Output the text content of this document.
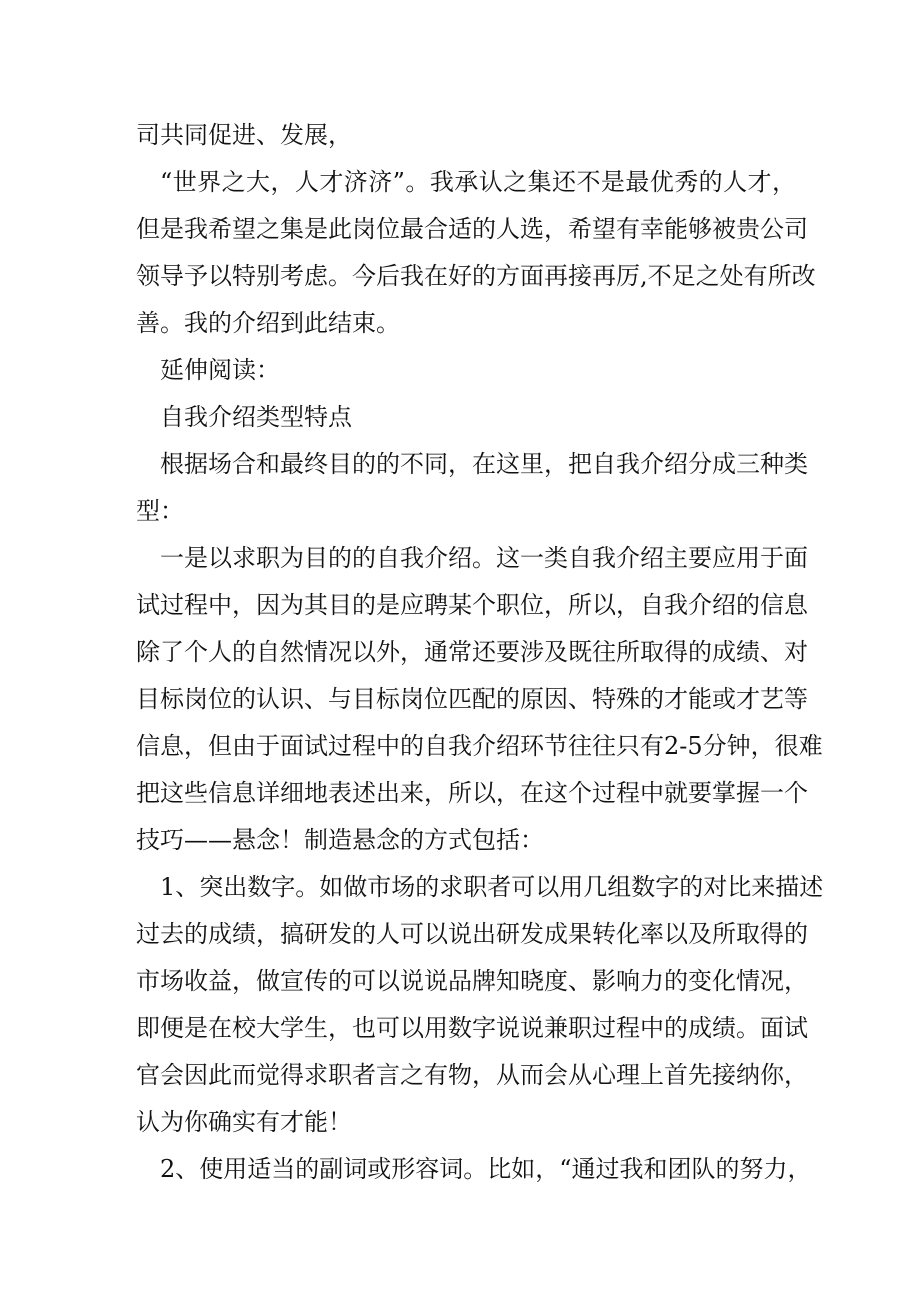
司共同促进、发展，
“世界之大，人才济济”。我承认之集还不是最优秀的人才，
但是我希望之集是此岗位最合适的人选，希望有幸能够被贵公司
领导予以特别考虑。今后我在好的方面再接再厉,不足之处有所改
善。我的介绍到此结束。
延伸阅读：
自我介绍类型特点
根据场合和最终目的的不同，在这里，把自我介绍分成三种类
型：
一是以求职为目的的自我介绍。这一类自我介绍主要应用于面
试过程中，因为其目的是应聘某个职位，所以，自我介绍的信息
除了个人的自然情况以外，通常还要涉及既往所取得的成绩、对
目标岗位的认识、与目标岗位匹配的原因、特殊的才能或才艺等
信息，但由于面试过程中的自我介绍环节往往只有2-5分钟，很难
把这些信息详细地表述出来，所以，在这个过程中就要掌握一个
技巧——悬念！制造悬念的方式包括：
1、突出数字。如做市场的求职者可以用几组数字的对比来描述
过去的成绩，搞研发的人可以说出研发成果转化率以及所取得的
市场收益，做宣传的可以说说品牌知晓度、影响力的变化情况，
即便是在校大学生，也可以用数字说说兼职过程中的成绩。面试
官会因此而觉得求职者言之有物，从而会从心理上首先接纳你，
认为你确实有才能！
2、使用适当的副词或形容词。比如，“通过我和团队的努力，
